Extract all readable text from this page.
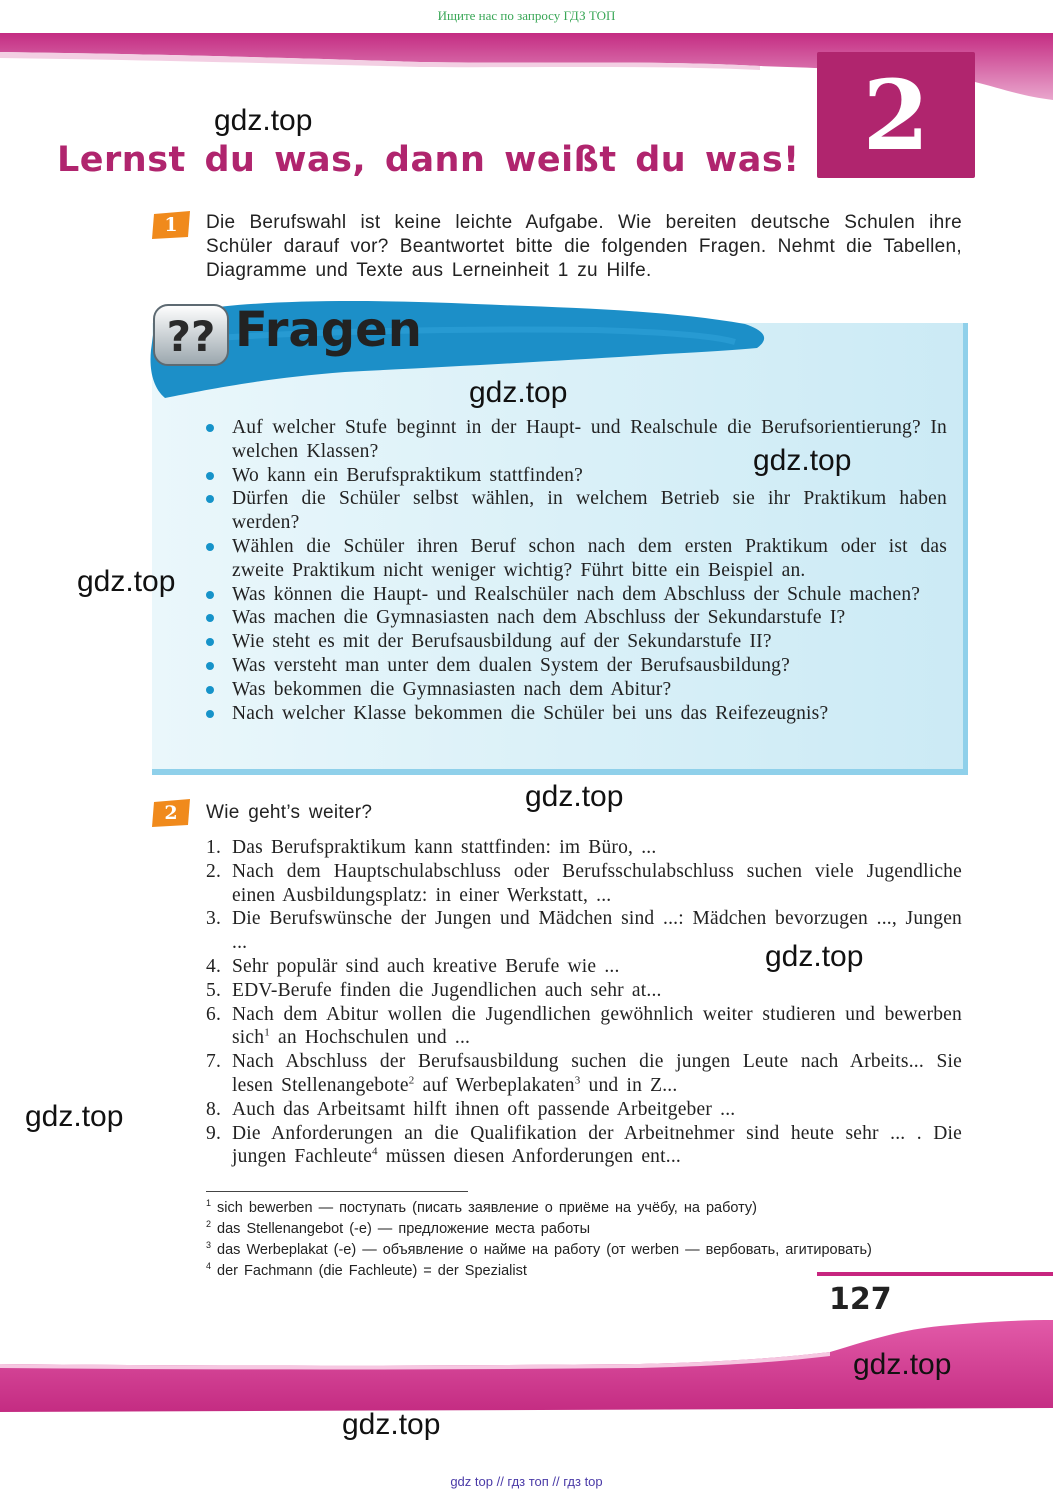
Ищите нас по запросу ГДЗ ТОП
2
gdz.top
Lernst du was, dann weißt du was!
1	Die Berufswahl ist keine leichte Aufgabe. Wie bereiten deutsche Schulen ihre Schüler darauf vor? Beantwortet bitte die folgenden Fragen. Nehmt die Tabellen, Diagramme und Texte aus Lerneinheit 1 zu Hilfe.
?? Fragen
gdz.top
gdz.top
gdz.top
Auf welcher Stufe beginnt in der Haupt- und Realschule die Berufsorientierung? In welchen Klassen?
Wo kann ein Berufspraktikum stattfinden?
Dürfen die Schüler selbst wählen, in welchem Betrieb sie ihr Praktikum haben werden?
Wählen die Schüler ihren Beruf schon nach dem ersten Praktikum oder ist das zweite Praktikum nicht weniger wichtig? Führt bitte ein Beispiel an.
Was können die Haupt- und Realschüler nach dem Abschluss der Schule machen?
Was machen die Gymnasiasten nach dem Abschluss der Sekundarstufe I?
Wie steht es mit der Berufsausbildung auf der Sekundarstufe II?
Was versteht man unter dem dualen System der Berufsausbildung?
Was bekommen die Gymnasiasten nach dem Abitur?
Nach welcher Klasse bekommen die Schüler bei uns das Reifezeugnis?
2	Wie geht’s weiter?	gdz.top
1. Das Berufspraktikum kann stattfinden: im Büro, ...
2. Nach dem Hauptschulabschluss oder Berufsschulabschluss suchen viele Jugendliche einen Ausbildungsplatz: in einer Werkstatt, ...
3. Die Berufswünsche der Jungen und Mädchen sind ...: Mädchen bevorzugen ..., Jungen ...
4. Sehr populär sind auch kreative Berufe wie ...
5. EDV-Berufe finden die Jugendlichen auch sehr at...
6. Nach dem Abitur wollen die Jugendlichen gewöhnlich weiter studieren und bewerben sich$^1$ an Hochschulen und ...
7. Nach Abschluss der Berufsausbildung suchen die jungen Leute nach Arbeits... Sie lesen Stellenangebote$^2$ auf Werbeplakaten$^3$ und in Z...
8. Auch das Arbeitsamt hilft ihnen oft passende Arbeitgeber ...
9. Die Anforderungen an die Qualifikation der Arbeitnehmer sind heute sehr ... . Die jungen Fachleute$^4$ müssen diesen Anforderungen ent...
gdz.top
gdz.top
$^1$ sich bewerben — поступать (писать заявление о приёме на учёбу, на работу)
$^2$ das Stellenangebot (-e) — предложение места работы
$^3$ das Werbeplakat (-e) — объявление о найме на работу (от werben — вербовать, агитировать)
$^4$ der Fachmann (die Fachleute) = der Spezialist
127
gdz.top
gdz.top
gdz top // гдз топ // гдз top
